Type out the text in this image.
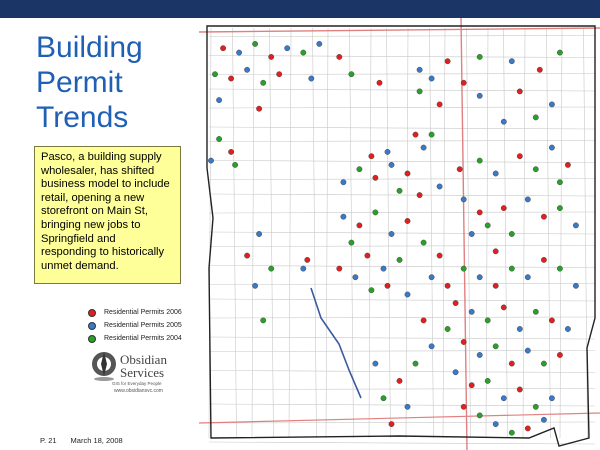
Building
Permit
Trends
Pasco, a building supply wholesaler, has shifted business model to include retail, opening a new storefront on Main St, bringing new jobs to Springfield and responding to historically unmet demand.
Residential Permits 2006
Residential Permits 2005
Residential Permits 2004
Obsidian
Services
GIS for Everyday People
www.obsidiansvc.com
P. 21 March 18, 2008
